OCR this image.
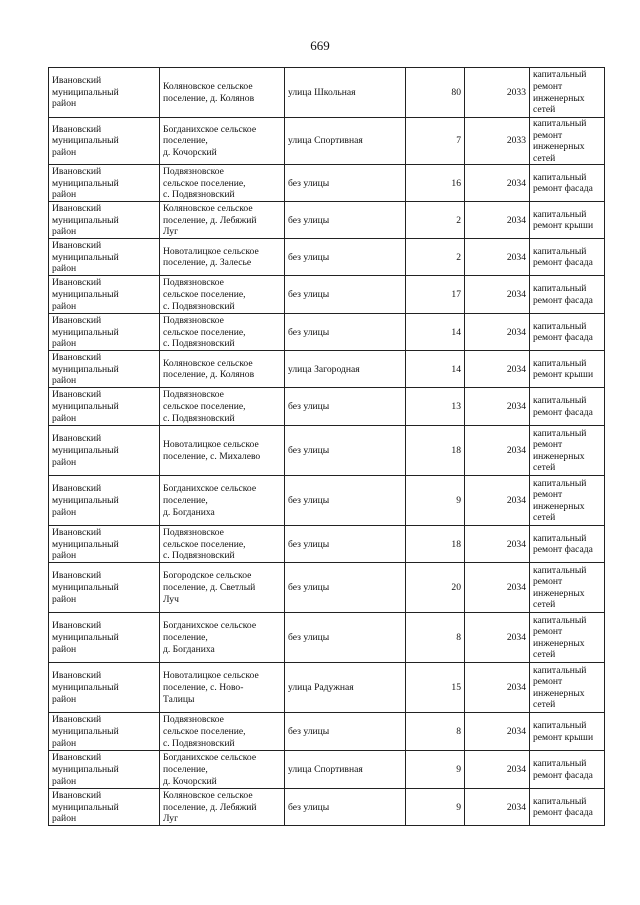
669
Ивановский
муниципальный
район	Коляновское сельское
поселение, д. Колянов	улица Школьная	80	2033	капитальный
ремонт
инженерных
сетей
Ивановский
муниципальный
район	Богданихское сельское
поселение,
д. Кочорский	улица Спортивная	7	2033	капитальный
ремонт
инженерных
сетей
Ивановский
муниципальный
район	Подвязновское
сельское поселение,
с. Подвязновский	без улицы	16	2034	капитальный
ремонт фасада
Ивановский
муниципальный
район	Коляновское сельское
поселение, д. Лебяжий
Луг	без улицы	2	2034	капитальный
ремонт крыши
Ивановский
муниципальный
район	Новоталицкое сельское
поселение, д. Залесье	без улицы	2	2034	капитальный
ремонт фасада
Ивановский
муниципальный
район	Подвязновское
сельское поселение,
с. Подвязновский	без улицы	17	2034	капитальный
ремонт фасада
Ивановский
муниципальный
район	Подвязновское
сельское поселение,
с. Подвязновский	без улицы	14	2034	капитальный
ремонт фасада
Ивановский
муниципальный
район	Коляновское сельское
поселение, д. Колянов	улица Загородная	14	2034	капитальный
ремонт крыши
Ивановский
муниципальный
район	Подвязновское
сельское поселение,
с. Подвязновский	без улицы	13	2034	капитальный
ремонт фасада
Ивановский
муниципальный
район	Новоталицкое сельское
поселение, с. Михалево	без улицы	18	2034	капитальный
ремонт
инженерных
сетей
Ивановский
муниципальный
район	Богданихское сельское
поселение,
д. Богданиха	без улицы	9	2034	капитальный
ремонт
инженерных
сетей
Ивановский
муниципальный
район	Подвязновское
сельское поселение,
с. Подвязновский	без улицы	18	2034	капитальный
ремонт фасада
Ивановский
муниципальный
район	Богородское сельское
поселение, д. Светлый
Луч	без улицы	20	2034	капитальный
ремонт
инженерных
сетей
Ивановский
муниципальный
район	Богданихское сельское
поселение,
д. Богданиха	без улицы	8	2034	капитальный
ремонт
инженерных
сетей
Ивановский
муниципальный
район	Новоталицкое сельское
поселение, с. Ново-
Талицы	улица Радужная	15	2034	капитальный
ремонт
инженерных
сетей
Ивановский
муниципальный
район	Подвязновское
сельское поселение,
с. Подвязновский	без улицы	8	2034	капитальный
ремонт крыши
Ивановский
муниципальный
район	Богданихское сельское
поселение,
д. Кочорский	улица Спортивная	9	2034	капитальный
ремонт фасада
Ивановский
муниципальный
район	Коляновское сельское
поселение, д. Лебяжий
Луг	без улицы	9	2034	капитальный
ремонт фасада
